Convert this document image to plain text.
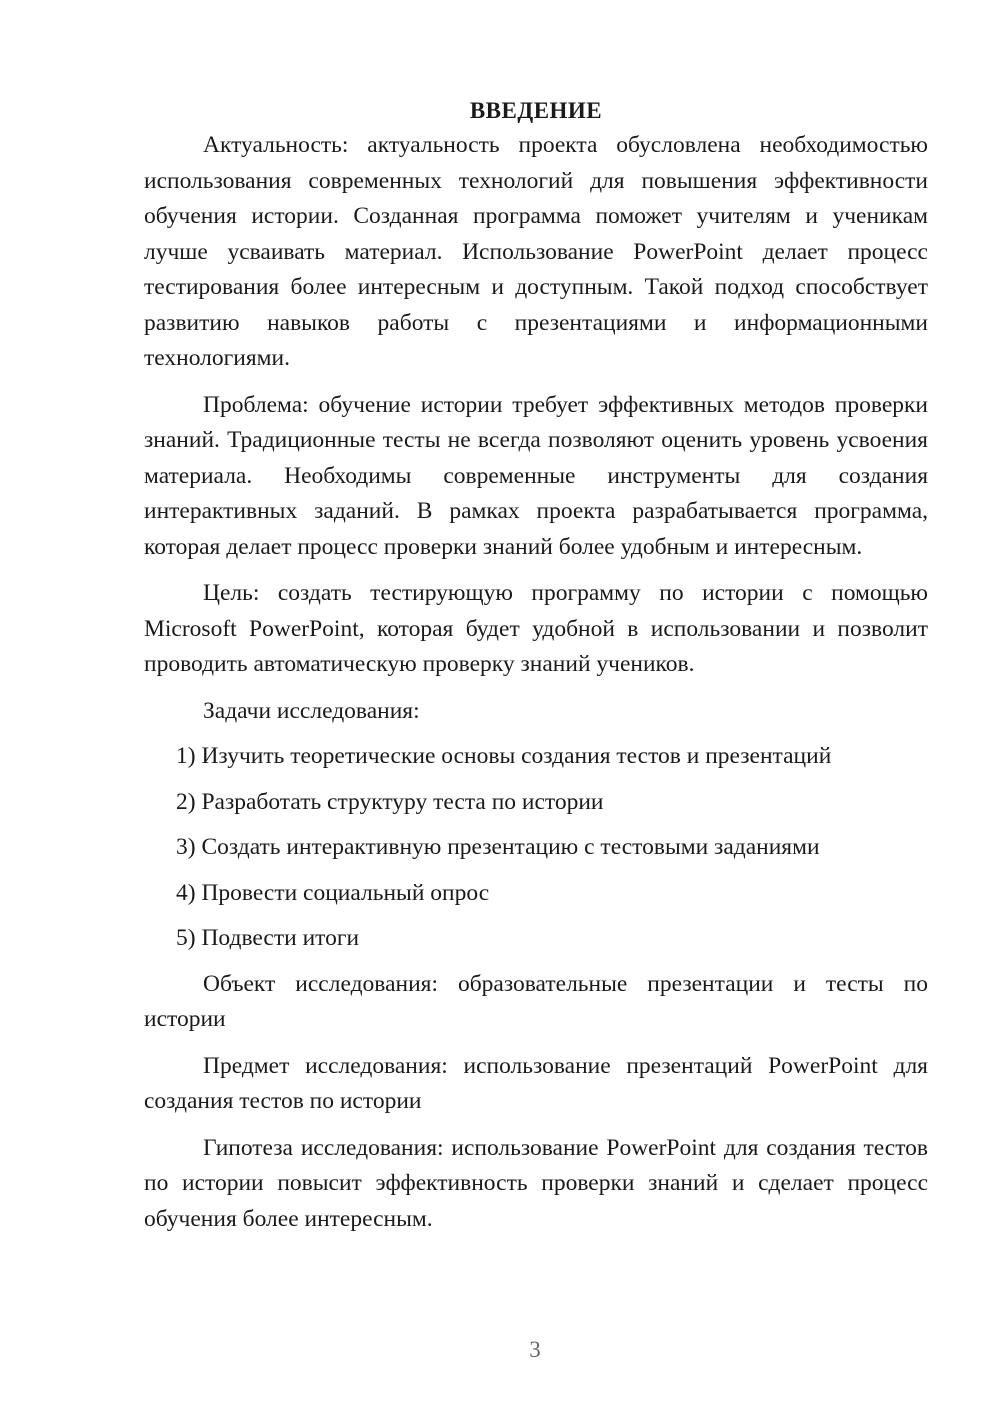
ВВЕДЕНИЕ

Актуальность: актуальность проекта обусловлена необходимостью использования современных технологий для повышения эффективности обучения истории. Созданная программа поможет учителям и ученикам лучше усваивать материал. Использование PowerPoint делает процесс тестирования более интересным и доступным. Такой подход способствует развитию навыков работы с презентациями и информационными технологиями.

Проблема: обучение истории требует эффективных методов проверки знаний. Традиционные тесты не всегда позволяют оценить уровень усвоения материала. Необходимы современные инструменты для создания интерактивных заданий. В рамках проекта разрабатывается программа, которая делает процесс проверки знаний более удобным и интересным.

Цель: создать тестирующую программу по истории с помощью Microsoft PowerPoint, которая будет удобной в использовании и позволит проводить автоматическую проверку знаний учеников.

Задачи исследования:
1) Изучить теоретические основы создания тестов и презентаций
2) Разработать структуру теста по истории
3) Создать интерактивную презентацию с тестовыми заданиями
4) Провести социальный опрос
5) Подвести итоги

Объект исследования: образовательные презентации и тесты по истории

Предмет исследования: использование презентаций PowerPoint для создания тестов по истории

Гипотеза исследования: использование PowerPoint для создания тестов по истории повысит эффективность проверки знаний и сделает процесс обучения более интересным.

3
